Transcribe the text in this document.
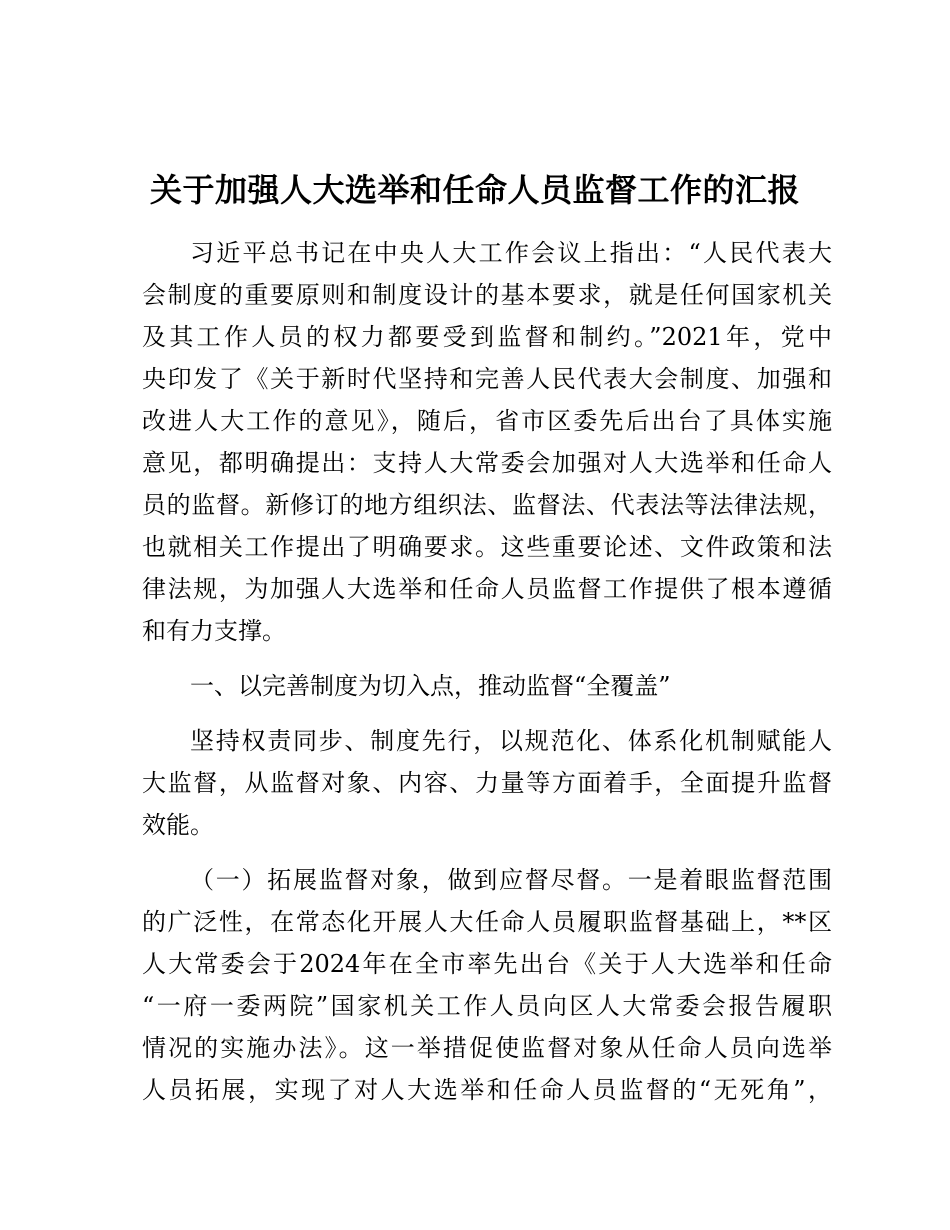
关于加强人大选举和任命人员监督工作的汇报
习近平总书记在中央人大工作会议上指出：“人民代表大
会制度的重要原则和制度设计的基本要求，就是任何国家机关
及其工作人员的权力都要受到监督和制约。”2021年，党中
央印发了《关于新时代坚持和完善人民代表大会制度、加强和
改进人大工作的意见》，随后，省市区委先后出台了具体实施
意见，都明确提出：支持人大常委会加强对人大选举和任命人
员的监督。新修订的地方组织法、监督法、代表法等法律法规，
也就相关工作提出了明确要求。这些重要论述、文件政策和法
律法规，为加强人大选举和任命人员监督工作提供了根本遵循
和有力支撑。
一、以完善制度为切入点，推动监督“全覆盖”
坚持权责同步、制度先行，以规范化、体系化机制赋能人
大监督，从监督对象、内容、力量等方面着手，全面提升监督
效能。
（一）拓展监督对象，做到应督尽督。一是着眼监督范围
的广泛性，在常态化开展人大任命人员履职监督基础上，**区
人大常委会于2024年在全市率先出台《关于人大选举和任命
“一府一委两院”国家机关工作人员向区人大常委会报告履职
情况的实施办法》。这一举措促使监督对象从任命人员向选举
人员拓展，实现了对人大选举和任命人员监督的“无死角”，
